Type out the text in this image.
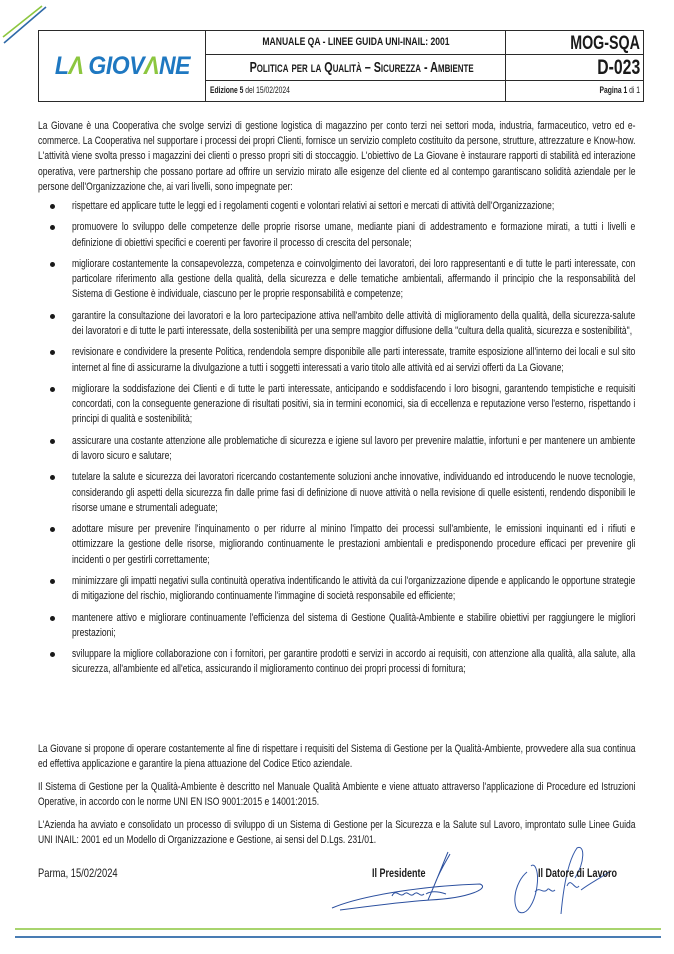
LΛ GIOVΛNE
MANUALE QA - LINEE GUIDA UNI-INAIL: 2001
Politica per la Qualità – Sicurezza - Ambiente
Edizione 5 del 15/02/2024
MOG-SQA
D-023
Pagina 1 di 1

La Giovane è una Cooperativa che svolge servizi di gestione logistica di magazzino per conto terzi nei settori moda, industria, farmaceutico, vetro ed e-commerce. La Cooperativa nel supportare i processi dei propri Clienti, fornisce un servizio completo costituito da persone, strutture, attrezzature e Know-how. L'attività viene svolta presso i magazzini dei clienti o presso propri siti di stoccaggio. L'obiettivo de La Giovane è instaurare rapporti di stabilità ed interazione operativa, vere partnership che possano portare ad offrire un servizio mirato alle esigenze del cliente ed al contempo garantiscano solidità aziendale per le persone dell'Organizzazione che, ai vari livelli, sono impegnate per:

rispettare ed applicare tutte le leggi ed i regolamenti cogenti e volontari relativi ai settori e mercati di attività dell'Organizzazione;
promuovere lo sviluppo delle competenze delle proprie risorse umane, mediante piani di addestramento e formazione mirati, a tutti i livelli e definizione di obiettivi specifici e coerenti per favorire il processo di crescita del personale;
migliorare costantemente la consapevolezza, competenza e coinvolgimento dei lavoratori, dei loro rappresentanti e di tutte le parti interessate, con particolare riferimento alla gestione della qualità, della sicurezza e delle tematiche ambientali, affermando il principio che la responsabilità del Sistema di Gestione è individuale, ciascuno per le proprie responsabilità e competenze;
garantire la consultazione dei lavoratori e la loro partecipazione attiva nell'ambito delle attività di miglioramento della qualità, della sicurezza-salute dei lavoratori e di tutte le parti interessate, della sostenibilità per una sempre maggior diffusione della "cultura della qualità, sicurezza e sostenibilità",
revisionare e condividere la presente Politica, rendendola sempre disponibile alle parti interessate, tramite esposizione all'interno dei locali e sul sito internet al fine di assicurarne la divulgazione a tutti i soggetti interessati a vario titolo alle attività ed ai servizi offerti da La Giovane;
migliorare la soddisfazione dei Clienti e di tutte le parti interessate, anticipando e soddisfacendo i loro bisogni, garantendo tempistiche e requisiti concordati, con la conseguente generazione di risultati positivi, sia in termini economici, sia di eccellenza e reputazione verso l'esterno, rispettando i principi di qualità e sostenibilità;
assicurare una costante attenzione alle problematiche di sicurezza e igiene sul lavoro per prevenire malattie, infortuni e per mantenere un ambiente di lavoro sicuro e salutare;
tutelare la salute e sicurezza dei lavoratori ricercando costantemente soluzioni anche innovative, individuando ed introducendo le nuove tecnologie, considerando gli aspetti della sicurezza fin dalle prime fasi di definizione di nuove attività o nella revisione di quelle esistenti, rendendo disponibili le risorse umane e strumentali adeguate;
adottare misure per prevenire l'inquinamento o per ridurre al minino l'impatto dei processi sull'ambiente, le emissioni inquinanti ed i rifiuti e ottimizzare la gestione delle risorse, migliorando continuamente le prestazioni ambientali e predisponendo procedure efficaci per prevenire gli incidenti o per gestirli correttamente;
minimizzare gli impatti negativi sulla continuità operativa indentificando le attività da cui l'organizzazione dipende e applicando le opportune strategie di mitigazione del rischio, migliorando continuamente l'immagine di società responsabile ed efficiente;
mantenere attivo e migliorare continuamente l'efficienza del sistema di Gestione Qualità-Ambiente e stabilire obiettivi per raggiungere le migliori prestazioni;
sviluppare la migliore collaborazione con i fornitori, per garantire prodotti e servizi in accordo ai requisiti, con attenzione alla qualità, alla salute, alla sicurezza, all'ambiente ed all'etica, assicurando il miglioramento continuo dei propri processi di fornitura;

La Giovane si propone di operare costantemente al fine di rispettare i requisiti del Sistema di Gestione per la Qualità-Ambiente, provvedere alla sua continua ed effettiva applicazione e garantire la piena attuazione del Codice Etico aziendale.

Il Sistema di Gestione per la Qualità-Ambiente è descritto nel Manuale Qualità Ambiente e viene attuato attraverso l'applicazione di Procedure ed Istruzioni Operative, in accordo con le norme UNI EN ISO 9001:2015 e 14001:2015.

L'Azienda ha avviato e consolidato un processo di sviluppo di un Sistema di Gestione per la Sicurezza e la Salute sul Lavoro, improntato sulle Linee Guida UNI INAIL: 2001 ed un Modello di Organizzazione e Gestione, ai sensi del D.Lgs. 231/01.

Parma, 15/02/2024	Il Presidente	Il Datore di Lavoro
